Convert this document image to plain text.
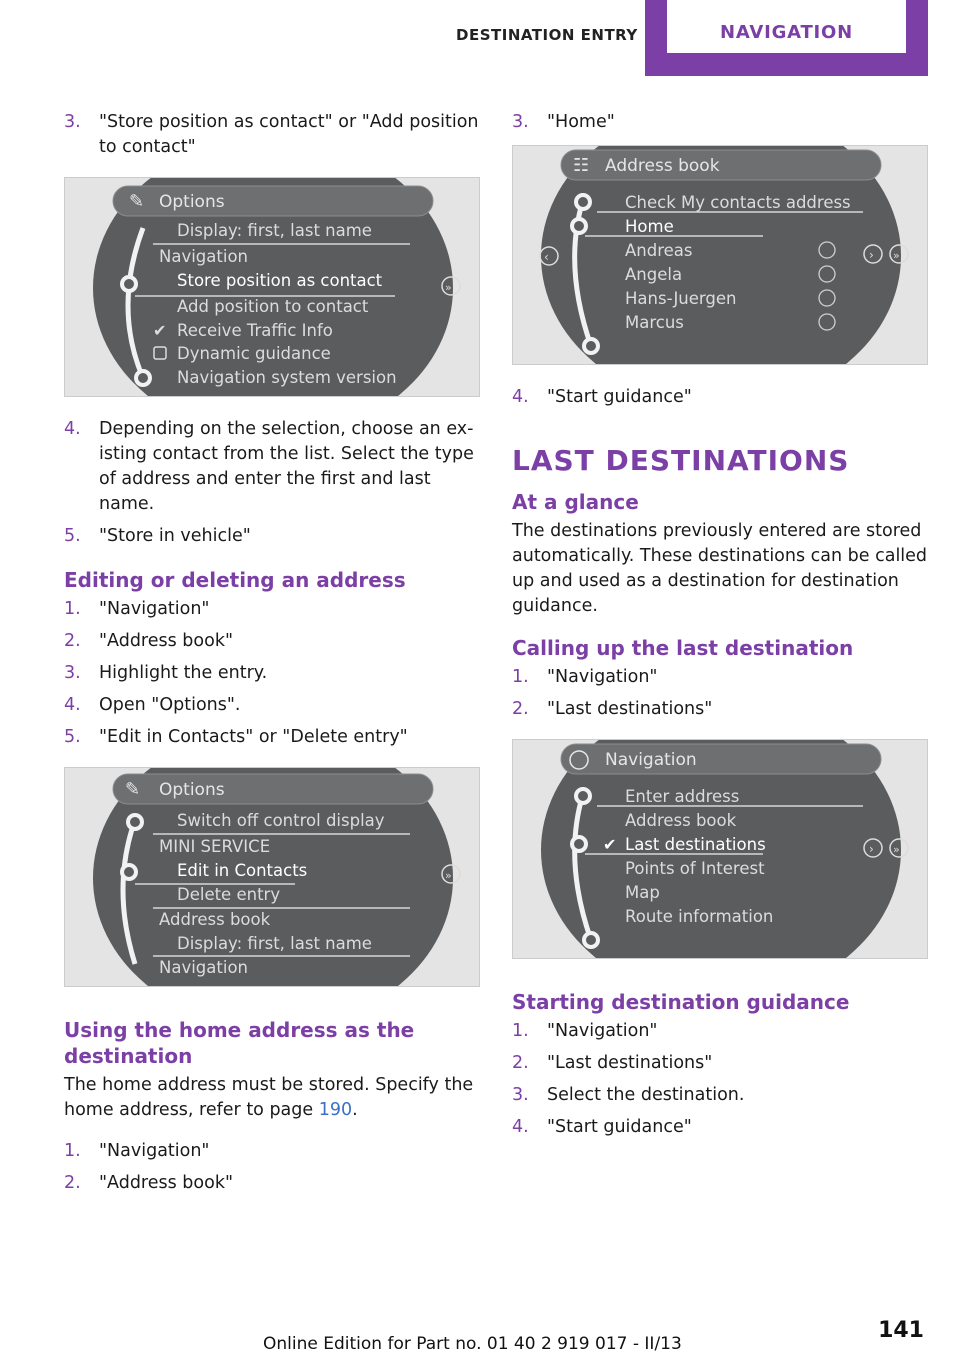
DESTINATION ENTRY	NAVIGATION
3.	"Store position as contact" or "Add position to contact"
✎ Options
Display: first, last name
Navigation
Store position as contact
Add position to contact
✔ Receive Traffic Info
Dynamic guidance
Navigation system version
»
4.	Depending on the selection, choose an existing contact from the list. Select the type of address and enter the first and last name.
5.	"Store in vehicle"
Editing or deleting an address
1.	"Navigation"
2.	"Address book"
3.	Highlight the entry.
4.	Open "Options".
5.	"Edit in Contacts" or "Delete entry"
✎ Options
Switch off control display
MINI SERVICE
Edit in Contacts
Delete entry
Address book
Display: first, last name
Navigation
»
Using the home address as the destination

The home address must be stored. Specify the home address, refer to page 190.

1.	"Navigation"
2.	"Address book"
3.	"Home"
☷ Address book
Check My contacts address
Home
Andreas
Angela
Hans-Juergen
Marcus
‹	› »
4.	"Start guidance"
LAST DESTINATIONS
At a glance

The destinations previously entered are stored automatically. These destinations can be called up and used as a destination for destination guidance.

Calling up the last destination
1.	"Navigation"
2.	"Last destinations"
Navigation
Enter address
Address book
✔ Last destinations
Points of Interest
Map
Route information
› »
Starting destination guidance
1.	"Navigation"
2.	"Last destinations"
3.	Select the destination.
4.	"Start guidance"
141
Online Edition for Part no. 01 40 2 919 017 - II/13
